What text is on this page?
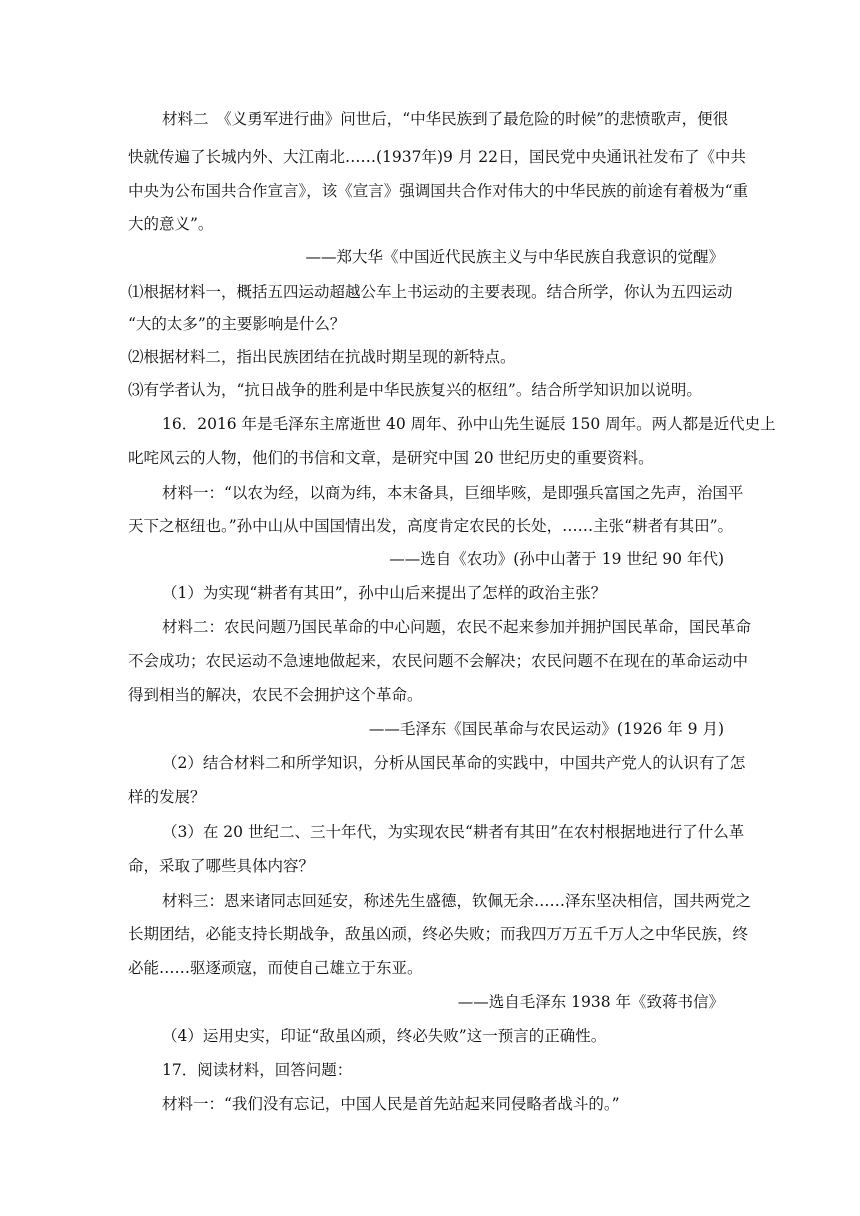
材料二　《义勇军进行曲》问世后，“中华民族到了最危险的时候”的悲愤歌声，便很
快就传遍了长城内外、大江南北……(1937年)9 月 22日，国民党中央通讯社发布了《中共
中央为公布国共合作宣言》，该《宣言》强调国共合作对伟大的中华民族的前途有着极为“重
大的意义”。
——郑大华《中国近代民族主义与中华民族自我意识的觉醒》
⑴根据材料一，概括五四运动超越公车上书运动的主要表现。结合所学，你认为五四运动
“大的太多”的主要影响是什么？
⑵根据材料二，指出民族团结在抗战时期呈现的新特点。
⑶有学者认为，“抗日战争的胜利是中华民族复兴的枢纽”。结合所学知识加以说明。
16．2016 年是毛泽东主席逝世 40 周年、孙中山先生诞辰 150 周年。两人都是近代史上
叱咤风云的人物，他们的书信和文章，是研究中国 20 世纪历史的重要资料。
材料一：“以农为经，以商为纬，本末备具，巨细毕赅，是即强兵富国之先声，治国平
天下之枢纽也。”孙中山从中国国情出发，高度肯定农民的长处，……主张“耕者有其田”。
——选自《农功》(孙中山著于 19 世纪 90 年代)
（1）为实现“耕者有其田”，孙中山后来提出了怎样的政治主张？
材料二：农民问题乃国民革命的中心问题，农民不起来参加并拥护国民革命，国民革命
不会成功；农民运动不急速地做起来，农民问题不会解决；农民问题不在现在的革命运动中
得到相当的解决，农民不会拥护这个革命。
——毛泽东《国民革命与农民运动》(1926 年 9 月)
（2）结合材料二和所学知识，分析从国民革命的实践中，中国共产党人的认识有了怎
样的发展？
（3）在 20 世纪二、三十年代，为实现农民“耕者有其田”在农村根据地进行了什么革
命，采取了哪些具体内容？
材料三：恩来诸同志回延安，称述先生盛德，钦佩无余……泽东坚决相信，国共两党之
长期团结，必能支持长期战争，敌虽凶顽，终必失败；而我四万万五千万人之中华民族，终
必能……驱逐顽寇，而使自己雄立于东亚。
——选自毛泽东 1938 年《致蒋书信》
（4）运用史实，印证“敌虽凶顽，终必失败”这一预言的正确性。
17．阅读材料，回答问题：
材料一：“我们没有忘记，中国人民是首先站起来同侵略者战斗的。”
